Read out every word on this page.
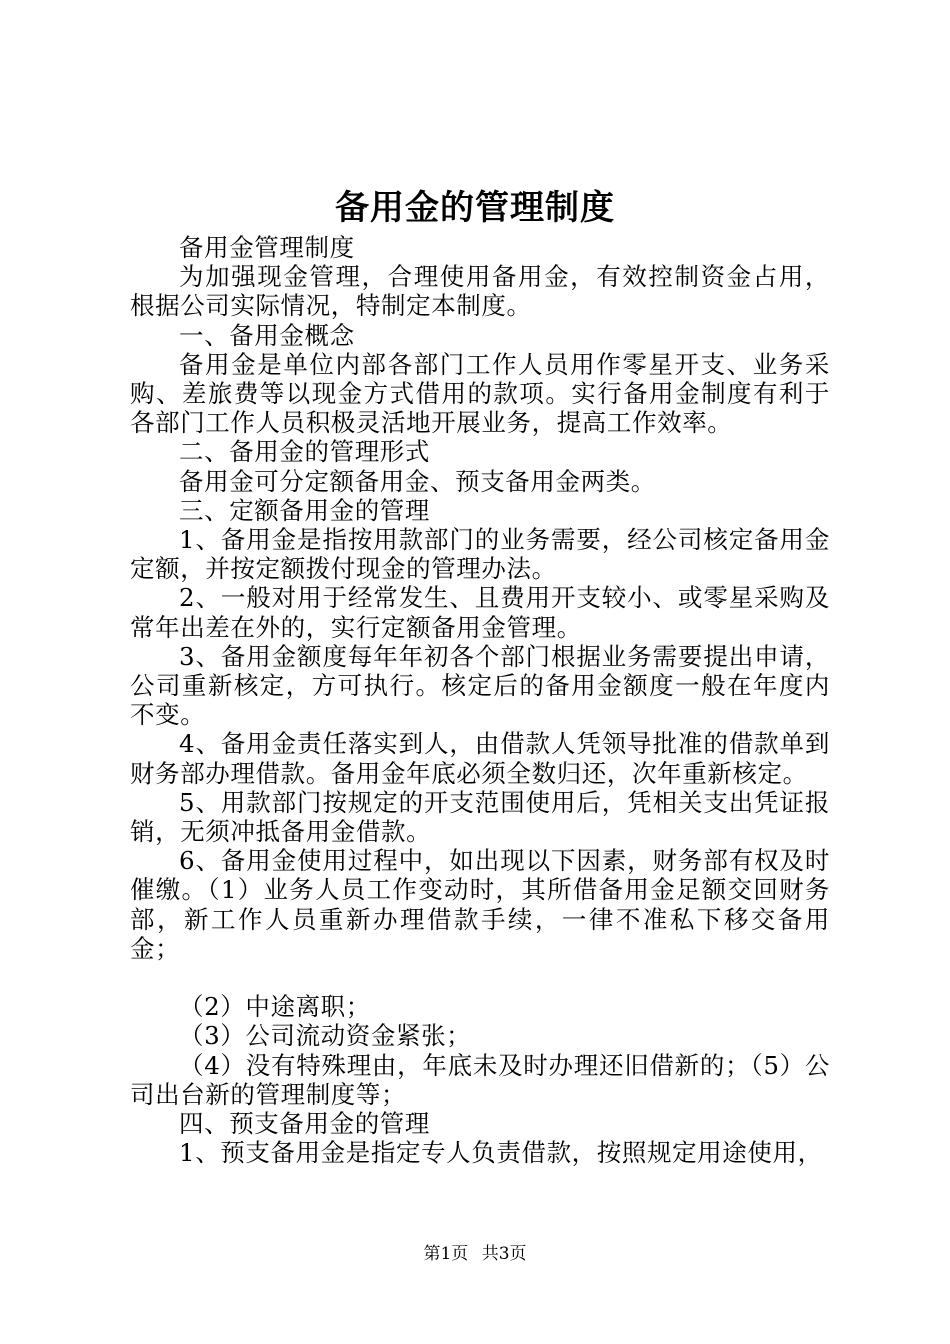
备用金的管理制度

备用金管理制度

为加强现金管理，合理使用备用金，有效控制资金占用，根据公司实际情况，特制定本制度。

一、备用金概念

备用金是单位内部各部门工作人员用作零星开支、业务采购、差旅费等以现金方式借用的款项。实行备用金制度有利于各部门工作人员积极灵活地开展业务，提高工作效率。

二、备用金的管理形式

备用金可分定额备用金、预支备用金两类。

三、定额备用金的管理

1、备用金是指按用款部门的业务需要，经公司核定备用金定额，并按定额拨付现金的管理办法。

2、一般对用于经常发生、且费用开支较小、或零星采购及常年出差在外的，实行定额备用金管理。

3、备用金额度每年年初各个部门根据业务需要提出申请，公司重新核定，方可执行。核定后的备用金额度一般在年度内不变。

4、备用金责任落实到人，由借款人凭领导批准的借款单到财务部办理借款。备用金年底必须全数归还，次年重新核定。

5、用款部门按规定的开支范围使用后，凭相关支出凭证报销，无须冲抵备用金借款。

6、备用金使用过程中，如出现以下因素，财务部有权及时催缴。（1）业务人员工作变动时，其所借备用金足额交回财务部，新工作人员重新办理借款手续，一律不准私下移交备用金；

（2）中途离职；

（3）公司流动资金紧张；

（4）没有特殊理由，年底未及时办理还旧借新的；（5）公司出台新的管理制度等；

四、预支备用金的管理

1、预支备用金是指定专人负责借款，按照规定用途使用，

第1页 共3页
